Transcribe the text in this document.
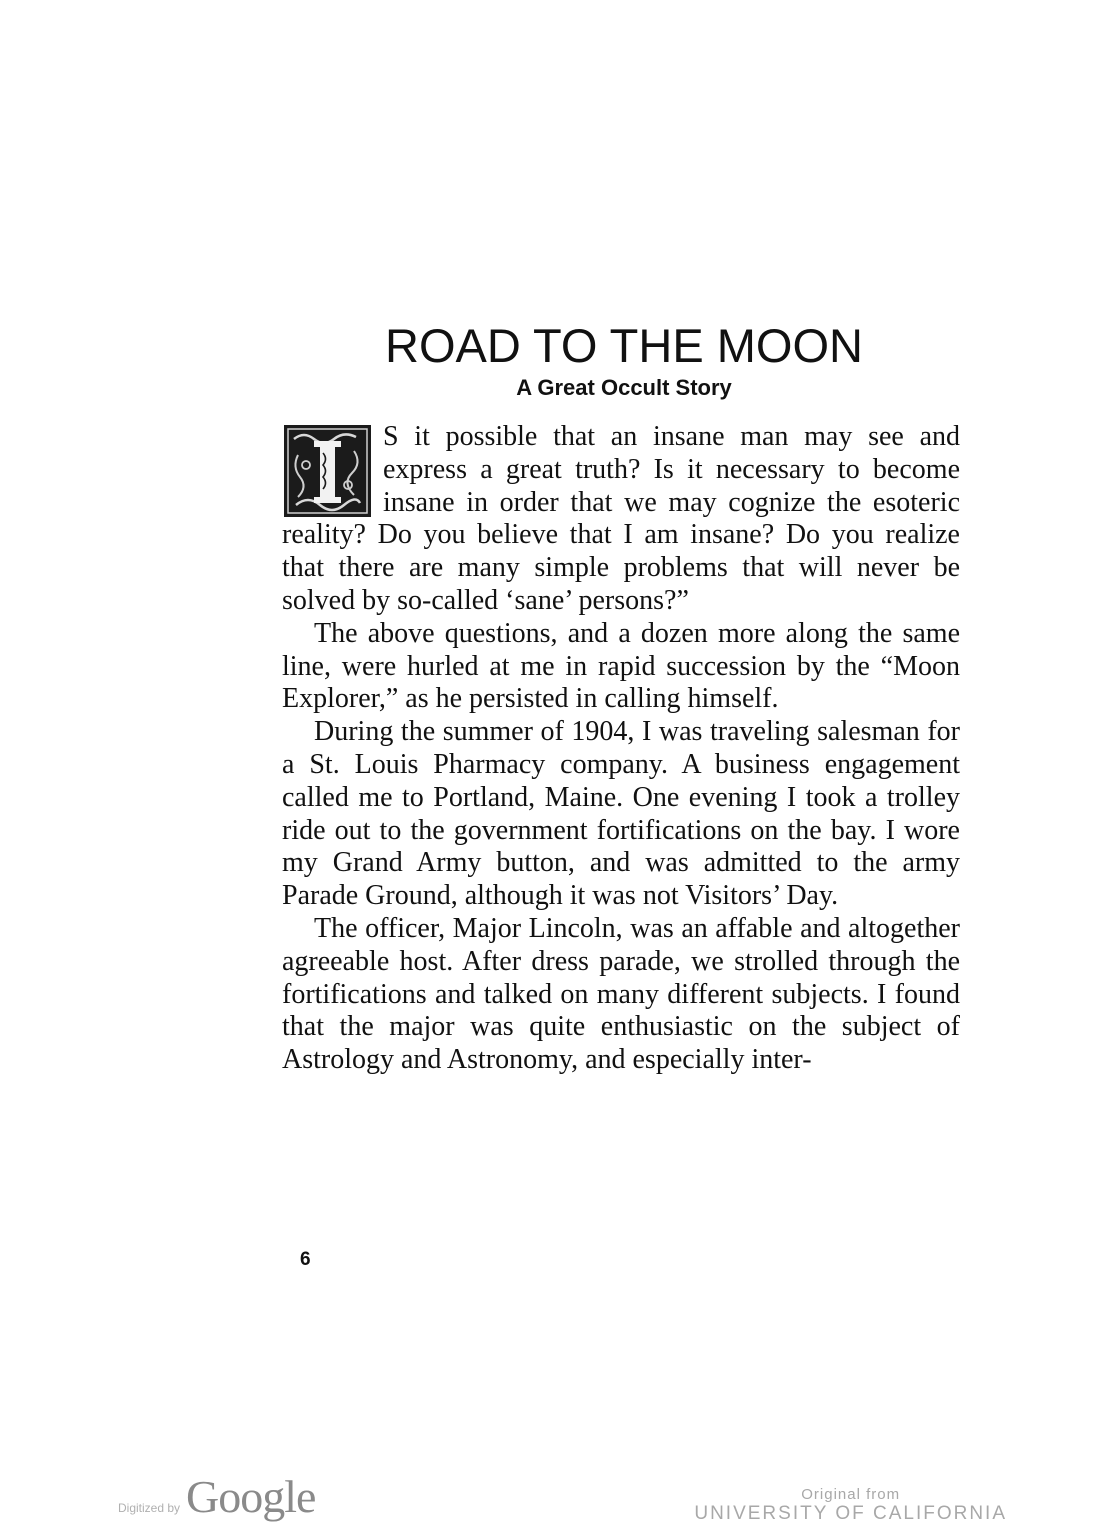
ROAD TO THE MOON
A Great Occult Story

S it possible that an insane man may see and express a great truth? Is it necessary to become insane in order that we may cognize the esoteric reality? Do you believe that I am insane? Do you realize that there are many simple problems that will never be solved by so-called ‘sane’ persons?”

The above questions, and a dozen more along the same line, were hurled at me in rapid succession by the “Moon Explorer,” as he persisted in calling himself.

During the summer of 1904, I was traveling salesman for a St. Louis Pharmacy company. A business engagement called me to Portland, Maine. One evening I took a trolley ride out to the government fortifications on the bay. I wore my Grand Army button, and was admitted to the army Parade Ground, although it was not Visitors’ Day.

The officer, Major Lincoln, was an affable and altogether agreeable host. After dress parade, we strolled through the fortifications and talked on many different subjects. I found that the major was quite enthusiastic on the subject of Astrology and Astronomy, and especially inter-

6
Digitized by Google	Original from
UNIVERSITY OF CALIFORNIA
